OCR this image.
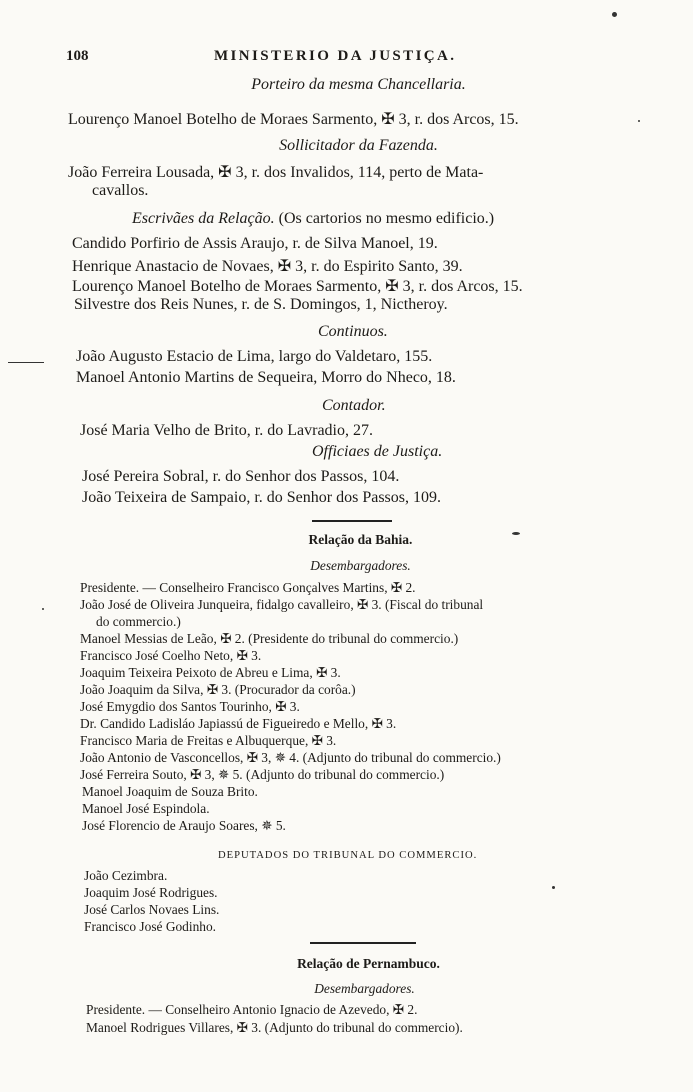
108	MINISTERIO DA JUSTIÇA.

Porteiro da mesma Chancellaria.

Lourenço Manoel Botelho de Moraes Sarmento, ✠ 3, r. dos Arcos, 15.

Sollicitador da Fazenda.

João Ferreira Lousada, ✠ 3, r. dos Invalidos, 114, perto de Mata-

cavallos.

Escrivães da Relação. (Os cartorios no mesmo edificio.)

Candido Porfirio de Assis Araujo, r. de Silva Manoel, 19.

Henrique Anastacio de Novaes, ✠ 3, r. do Espirito Santo, 39.

Lourenço Manoel Botelho de Moraes Sarmento, ✠ 3, r. dos Arcos, 15.

Silvestre dos Reis Nunes, r. de S. Domingos, 1, Nictheroy.

Continuos.

João Augusto Estacio de Lima, largo do Valdetaro, 155.

Manoel Antonio Martins de Sequeira, Morro do Nheco, 18.

Contador.

José Maria Velho de Brito, r. do Lavradio, 27.

Officiaes de Justiça.

José Pereira Sobral, r. do Senhor dos Passos, 104.

João Teixeira de Sampaio, r. do Senhor dos Passos, 109.

Relação da Bahia.

Desembargadores.

Presidente. — Conselheiro Francisco Gonçalves Martins, ✠ 2.

João José de Oliveira Junqueira, fidalgo cavalleiro, ✠ 3. (Fiscal do tribunal

do commercio.)

Manoel Messias de Leão, ✠ 2. (Presidente do tribunal do commercio.)

Francisco José Coelho Neto, ✠ 3.

Joaquim Teixeira Peixoto de Abreu e Lima, ✠ 3.

João Joaquim da Silva, ✠ 3. (Procurador da corôa.)

José Emygdio dos Santos Tourinho, ✠ 3.

Dr. Candido Ladisláo Japiassú de Figueiredo e Mello, ✠ 3.

Francisco Maria de Freitas e Albuquerque, ✠ 3.

João Antonio de Vasconcellos, ✠ 3, ✵ 4. (Adjunto do tribunal do commercio.)

José Ferreira Souto, ✠ 3, ✵ 5. (Adjunto do tribunal do commercio.)

Manoel Joaquim de Souza Brito.

Manoel José Espindola.

José Florencio de Araujo Soares, ✵ 5.

DEPUTADOS DO TRIBUNAL DO COMMERCIO.

João Cezimbra.

Joaquim José Rodrigues.

José Carlos Novaes Lins.

Francisco José Godinho.

Relação de Pernambuco.

Desembargadores.

Presidente. — Conselheiro Antonio Ignacio de Azevedo, ✠ 2.

Manoel Rodrigues Villares, ✠ 3. (Adjunto do tribunal do commercio).
